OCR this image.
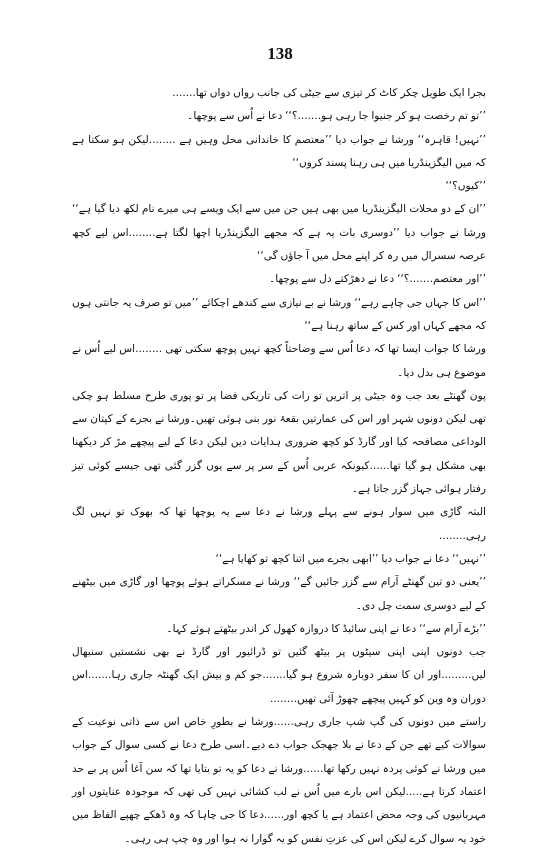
138

بجرا ایک طویل چکر کاٹ کر تیزی سے جیٹی کی جانب رواں دواں تھا.......

’’تو تم رخصت ہو کر جنیوا جا رہی ہو.......؟‘‘ دعا نے اُس سے پوچھا۔

’’نہیں! قاہرہ‘‘ ورشا نے جواب دیا ’’معتصم کا خاندانی محل وہیں ہے ........لیکن ہو سکتا ہے کہ میں الیگزینڈریا میں ہی رہنا پسند کروں‘‘

’’کیوں؟‘‘

’’ان کے دو محلات الیگزینڈریا میں بھی ہیں جن میں سے ایک ویسے ہی میرے نام لکھ دیا گیا ہے‘‘ ورشا نے جواب دیا ’’دوسری بات یہ ہے کہ مجھے الیگزینڈریا اچھا لگتا ہے........اس لیے کچھ عرصہ سسرال میں رہ کر اپنے محل میں آ جاؤں گی‘‘

’’اور معتصم.......؟‘‘ دعا نے دھڑکتے دل سے پوچھا۔

’’اس کا جہاں جی چاہے رہے‘‘ ورشا نے بے نیازی سے کندھے اچکائے ’’میں تو صرف یہ جانتی ہوں کہ مجھے کہاں اور کس کے ساتھ رہنا ہے‘‘

ورشا کا جواب ایسا تھا کہ دعا اُس سے وضاحتاً کچھ نہیں پوچھ سکتی تھی ........اس لیے اُس نے موضوع ہی بدل دیا۔

پون گھنٹے بعد جب وہ جیٹی پر اتریں تو رات کی تاریکی فضا پر تو پوری طرح مسلط ہو چکی تھی لیکن دونوں شہر اور اس کی عمارتیں بقعۂ نور بنی ہوئی تھیں۔ورشا نے بجرے کے کپتان سے الوداعی مصافحہ کیا اور گارڈ کو کچھ ضروری ہدایات دیں لیکن دعا کے لیے پیچھے مڑ کر دیکھنا بھی مشکل ہو گیا تھا......کیونکہ عربی اُس کے سر پر سے یوں گزر گئی تھی جیسے کوئی تیز رفتار ہوائی جہاز گزر جاتا ہے۔

البتہ گاڑی میں سوار ہونے سے پہلے ورشا نے دعا سے یہ پوچھا تھا کہ بھوک تو نہیں لگ رہی........

’’نہیں‘‘ دعا نے جواب دیا ’’ابھی بجرے میں اتنا کچھ تو کھایا ہے‘‘

’’یعنی دو تین گھنٹے آرام سے گزر جائیں گے‘‘ ورشا نے مسکراتے ہوئے پوچھا اور گاڑی میں بیٹھنے کے لیے دوسری سمت چل دی۔

’’بڑے آرام سے‘‘ دعا نے اپنی سائیڈ کا دروازہ کھول کر اندر بیٹھتے ہوئے کہا۔

جب دونوں اپنی اپنی سیٹوں پر بیٹھ گئیں تو ڈرائیور اور گارڈ نے بھی نشستیں سنبھال لیں.........اور ان کا سفر دوبارہ شروع ہو گیا.......جو کم و بیش ایک گھنٹہ جاری رہا.......اس دوران وہ وین کو کہیں پیچھے چھوڑ آئی تھیں........

راستے میں دونوں کی گپ شپ جاری رہی......ورشا نے بطورِ خاص اس سے ذاتی نوعیت کے سوالات کیے تھے جن کے دعا نے بلا جھجک جواب دے دیے۔اسی طرح دعا نے کسی سوال کے جواب میں ورشا نے کوئی پردہ نہیں رکھا تھا......ورشا نے دعا کو یہ تو بتایا تھا کہ سن آغا اُس پر بے حد اعتماد کرتا ہے.....لیکن اس بارے میں اُس نے لب کشائی نہیں کی تھی کہ موجودہ عنایتوں اور مہربانیوں کی وجہ محض اعتماد ہے یا کچھ اور......دعا کا جی چاہا کہ وہ ڈھکے چھپے الفاظ میں خود یہ سوال کرے لیکن اس کی عزتِ نفس کو یہ گوارا نہ ہوا اور وہ چپ ہی رہی۔
